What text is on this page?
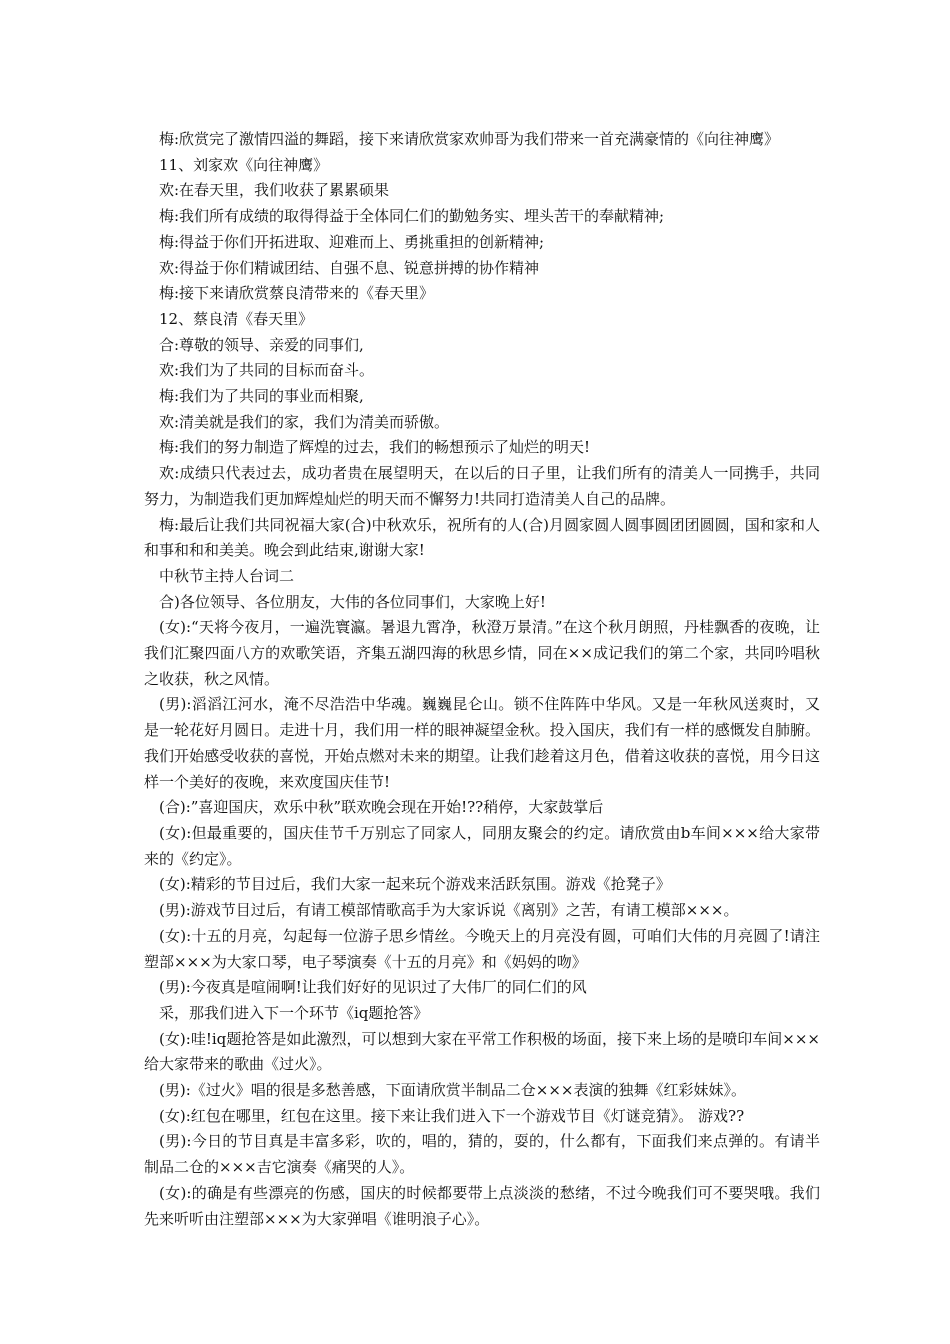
梅:欣赏完了激情四溢的舞蹈，接下来请欣赏家欢帅哥为我们带来一首充满豪情的《向往神鹰》

11、刘家欢《向往神鹰》

欢:在春天里，我们收获了累累硕果

梅:我们所有成绩的取得得益于全体同仁们的勤勉务实、埋头苦干的奉献精神;

梅:得益于你们开拓进取、迎难而上、勇挑重担的创新精神;

欢:得益于你们精诚团结、自强不息、锐意拼搏的协作精神

梅:接下来请欣赏蔡良清带来的《春天里》

12、蔡良清《春天里》

合:尊敬的领导、亲爱的同事们,

欢:我们为了共同的目标而奋斗。

梅:我们为了共同的事业而相聚,

欢:清美就是我们的家，我们为清美而骄傲。

梅:我们的努力制造了辉煌的过去，我们的畅想预示了灿烂的明天!

欢:成绩只代表过去，成功者贵在展望明天，在以后的日子里，让我们所有的清美人一同携手，共同努力，为制造我们更加辉煌灿烂的明天而不懈努力!共同打造清美人自己的品牌。

梅:最后让我们共同祝福大家(合)中秋欢乐，祝所有的人(合)月圆家圆人圆事圆团团圆圆，国和家和人和事和和和美美。晚会到此结束,谢谢大家!

中秋节主持人台词二

合)各位领导、各位朋友，大伟的各位同事们，大家晚上好!

(女):“天将今夜月，一遍洗寰瀛。暑退九霄净，秋澄万景清。”在这个秋月朗照，丹桂飘香的夜晚，让我们汇聚四面八方的欢歌笑语，齐集五湖四海的秋思乡情，同在××成记我们的第二个家，共同吟唱秋之收获，秋之风情。

(男):滔滔江河水，淹不尽浩浩中华魂。巍巍昆仑山。锁不住阵阵中华风。又是一年秋风送爽时，又是一轮花好月圆日。走进十月，我们用一样的眼神凝望金秋。投入国庆，我们有一样的感慨发自肺腑。我们开始感受收获的喜悦，开始点燃对未来的期望。让我们趁着这月色，借着这收获的喜悦，用今日这样一个美好的夜晚，来欢度国庆佳节!

(合):”喜迎国庆，欢乐中秋”联欢晚会现在开始!??稍停，大家鼓掌后

(女):但最重要的，国庆佳节千万别忘了同家人，同朋友聚会的约定。请欣赏由b车间×××给大家带来的《约定》。

(女):精彩的节目过后，我们大家一起来玩个游戏来活跃氛围。游戏《抢凳子》

(男):游戏节目过后，有请工模部情歌高手为大家诉说《离别》之苦，有请工模部×××。

(女):十五的月亮，勾起每一位游子思乡情丝。今晚天上的月亮没有圆，可咱们大伟的月亮圆了!请注塑部×××为大家口琴，电子琴演奏《十五的月亮》和《妈妈的吻》

(男):今夜真是喧闹啊!让我们好好的见识过了大伟厂的同仁们的风

采，那我们进入下一个环节《iq题抢答》

(女):哇!iq题抢答是如此激烈，可以想到大家在平常工作积极的场面，接下来上场的是喷印车间×××给大家带来的歌曲《过火》。

(男):《过火》唱的很是多愁善感，下面请欣赏半制品二仓×××表演的独舞《红彩妹妹》。

(女):红包在哪里，红包在这里。接下来让我们进入下一个游戏节目《灯谜竞猜》。 游戏??

(男):今日的节目真是丰富多彩，吹的，唱的，猜的，耍的，什么都有，下面我们来点弹的。有请半制品二仓的×××吉它演奏《痛哭的人》。

(女):的确是有些漂亮的伤感，国庆的时候都要带上点淡淡的愁绪，不过今晚我们可不要哭哦。我们先来听听由注塑部×××为大家弹唱《谁明浪子心》。
